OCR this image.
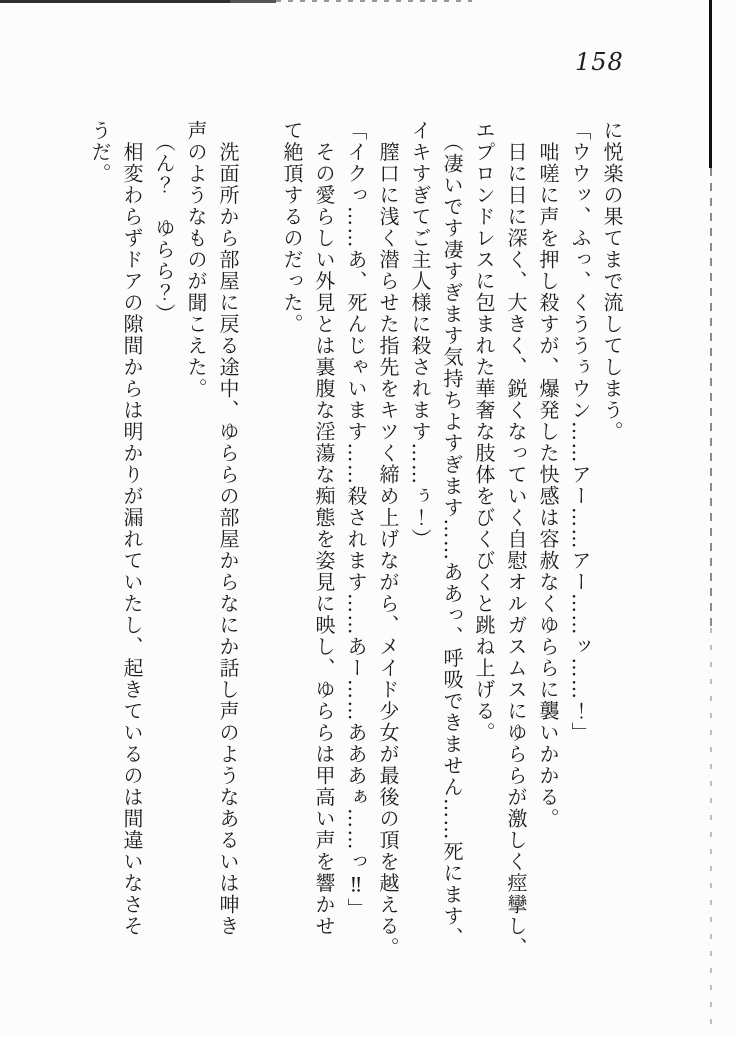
158

に悦楽の果てまで流してしまう。

「ウウッ、ふっ、くううぅウン……アー……アー……ッ……！」

　咄嗟に声を押し殺すが、爆発した快感は容赦なくゆららに襲いかかる。

　日に日に深く、大きく、鋭くなっていく自慰オルガスムスにゆららが激しく痙攣し、

エプロンドレスに包まれた華奢な肢体をびくびくと跳ね上げる。

　（凄いです凄すぎます気持ちよすぎます……ああっ、呼吸できません……死にます、

イキすぎてご主人様に殺されます……ぅ！）

　膣口に浅く潜らせた指先をキツく締め上げながら、メイド少女が最後の頂を越える。

「イクっ……あ、死んじゃいます……殺されます……あー……あああぁ……っ‼」

　その愛らしい外見とは裏腹な淫蕩な痴態を姿見に映し、ゆららは甲高い声を響かせ

て絶頂するのだった。

　洗面所から部屋に戻る途中、ゆららの部屋からなにか話し声のようなあるいは呻き

声のようなものが聞こえた。

　（ん？　ゆらら？）

　相変わらずドアの隙間からは明かりが漏れていたし、起きているのは間違いなさそ

うだ。
